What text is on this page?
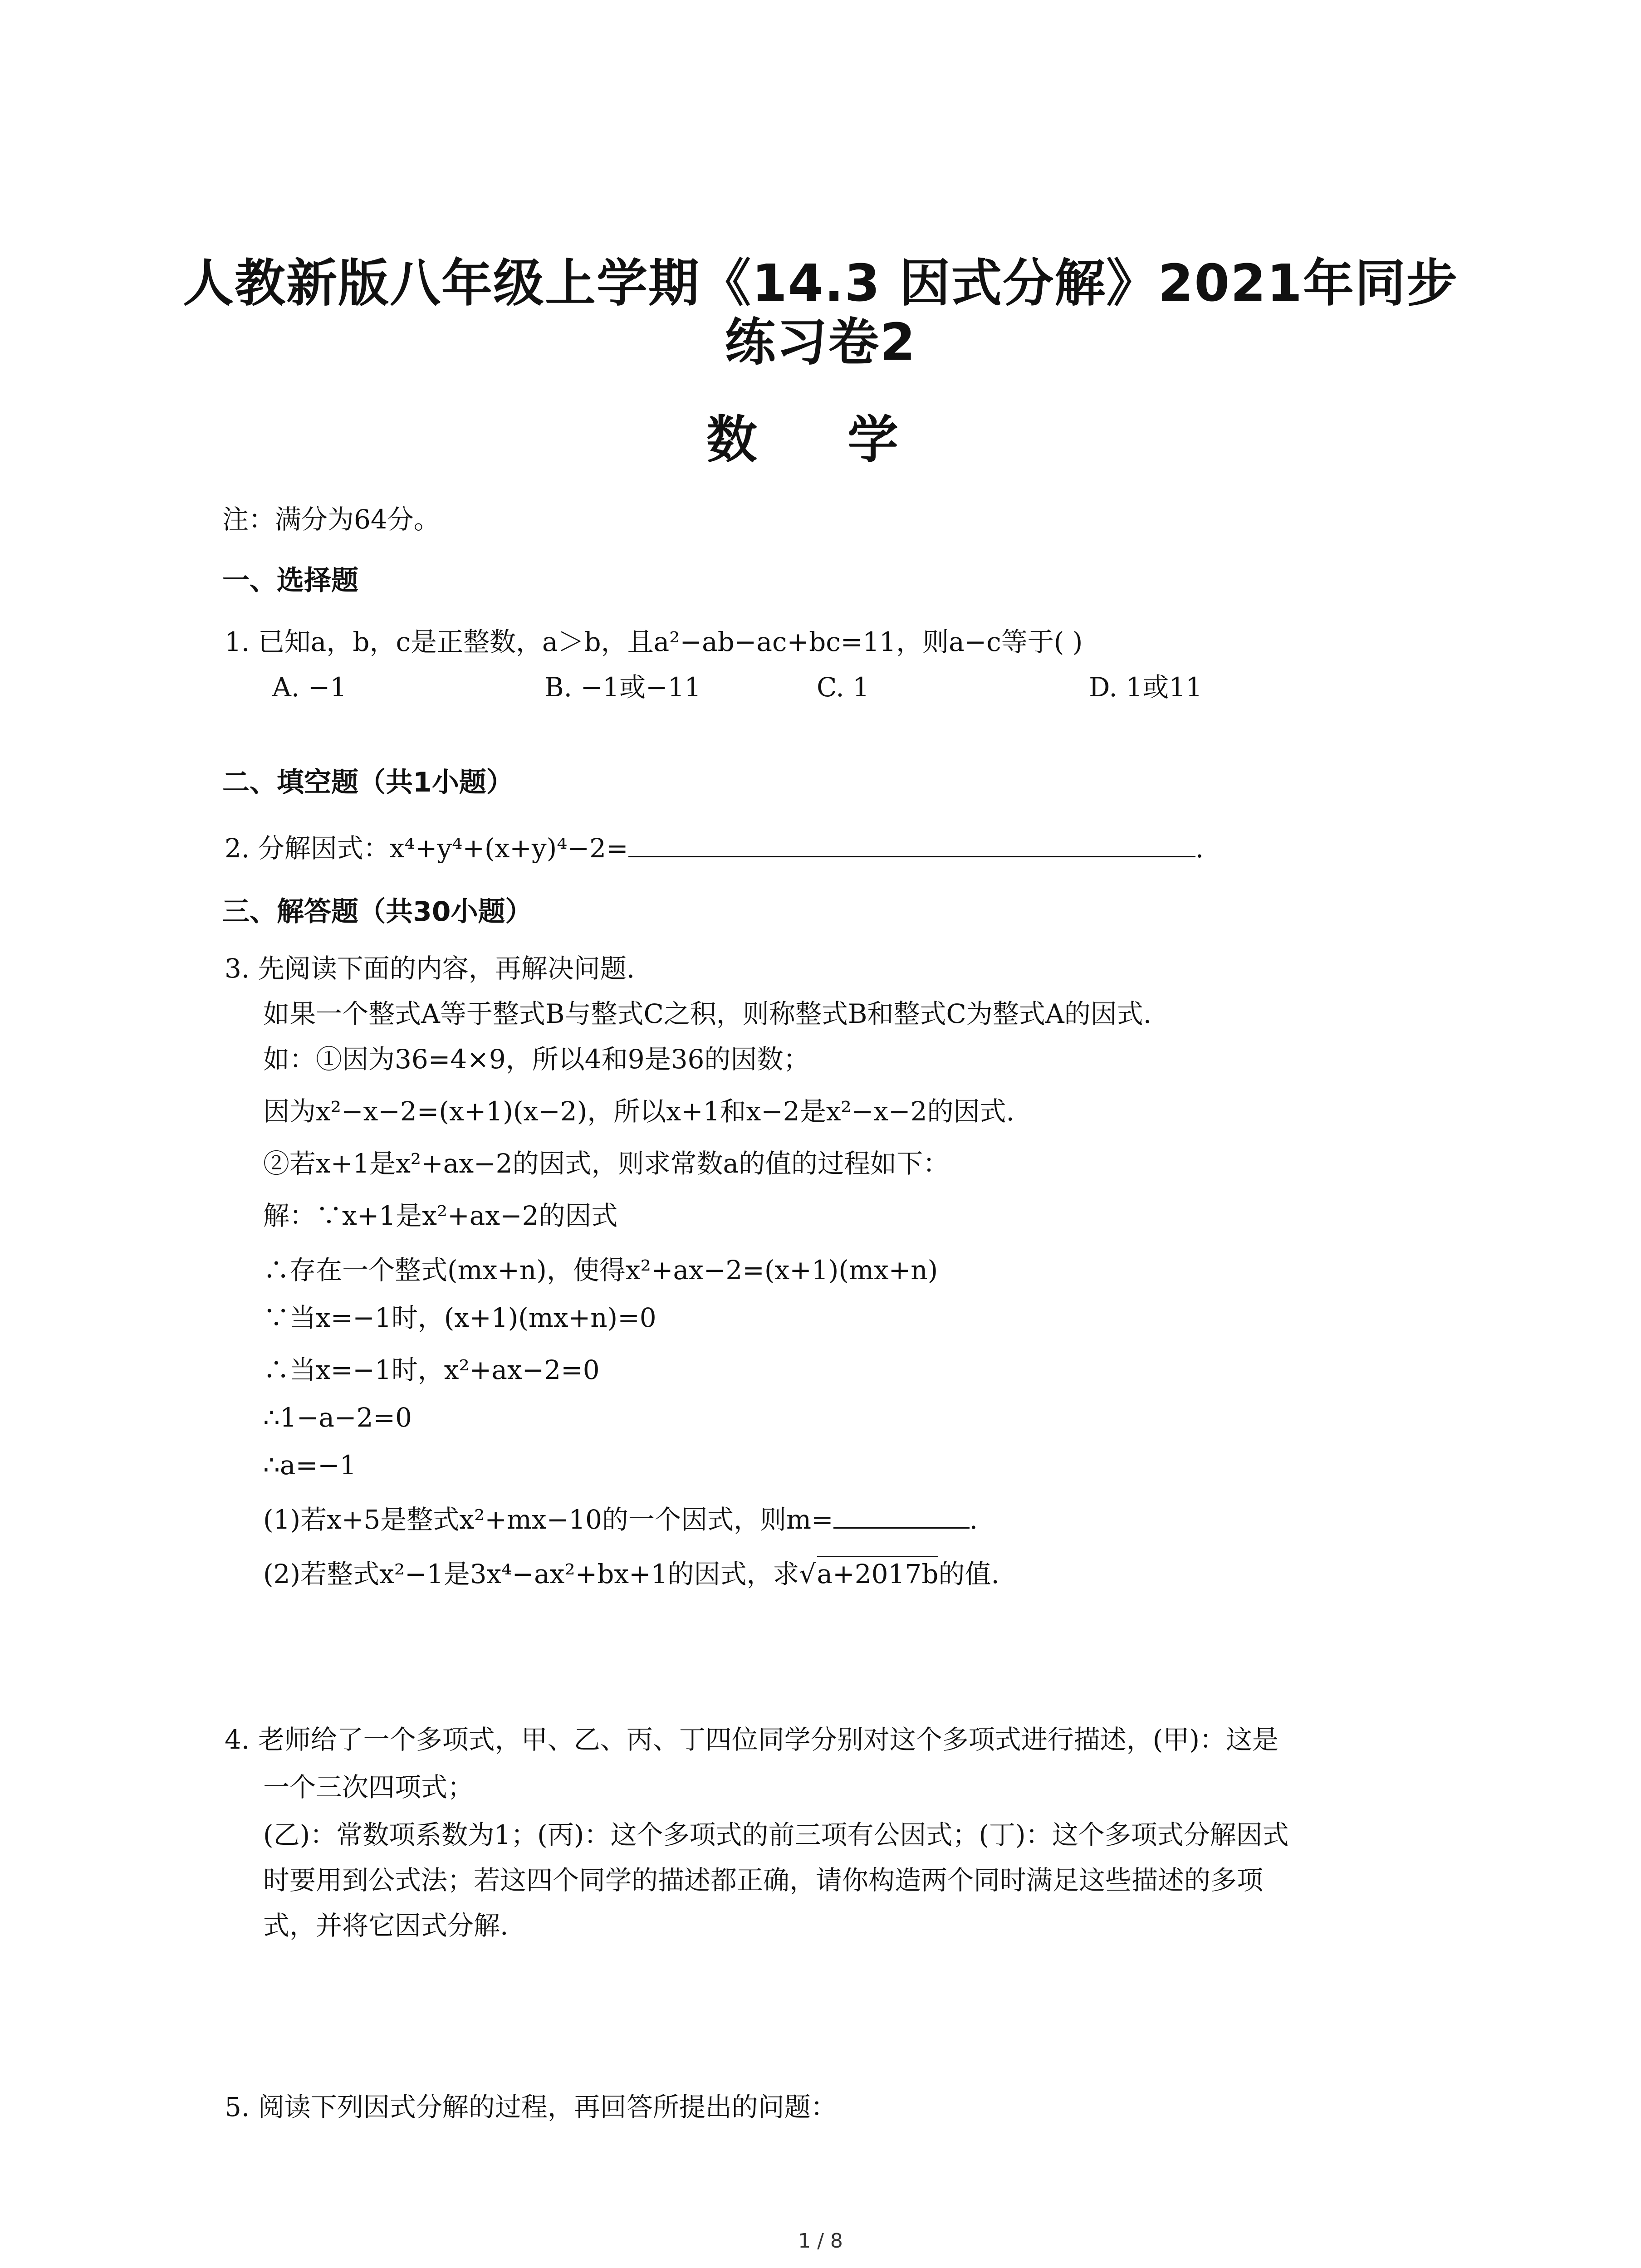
人教新版八年级上学期《14.3 因式分解》2021年同步
练习卷2
数 学
注：满分为64分。
一、选择题
1. 已知a，b，c是正整数，a＞b，且a²−ab−ac+bc=11，则a−c等于( )
A. −1	B. −1或−11	C. 1	D. 1或11
二、填空题（共1小题）
2. 分解因式：x⁴+y⁴+(x+y)⁴−2=	.
三、解答题（共30小题）
3. 先阅读下面的内容，再解决问题.
如果一个整式A等于整式B与整式C之积，则称整式B和整式C为整式A的因式.
如：①因为36=4×9，所以4和9是36的因数；
因为x²−x−2=(x+1)(x−2)，所以x+1和x−2是x²−x−2的因式.
②若x+1是x²+ax−2的因式，则求常数a的值的过程如下：
解：∵x+1是x²+ax−2的因式
∴存在一个整式(mx+n)，使得x²+ax−2=(x+1)(mx+n)
∵当x=−1时，(x+1)(mx+n)=0
∴当x=−1时，x²+ax−2=0
∴1−a−2=0
∴a=−1
(1)若x+5是整式x²+mx−10的一个因式，则m=	.
(2)若整式x²−1是3x⁴−ax²+bx+1的因式，求√a+2017b的值.
4. 老师给了一个多项式，甲、乙、丙、丁四位同学分别对这个多项式进行描述，(甲)：这是
一个三次四项式；
(乙)：常数项系数为1；(丙)：这个多项式的前三项有公因式；(丁)：这个多项式分解因式
时要用到公式法；若这四个同学的描述都正确，请你构造两个同时满足这些描述的多项
式，并将它因式分解.
5. 阅读下列因式分解的过程，再回答所提出的问题：
1 / 8
